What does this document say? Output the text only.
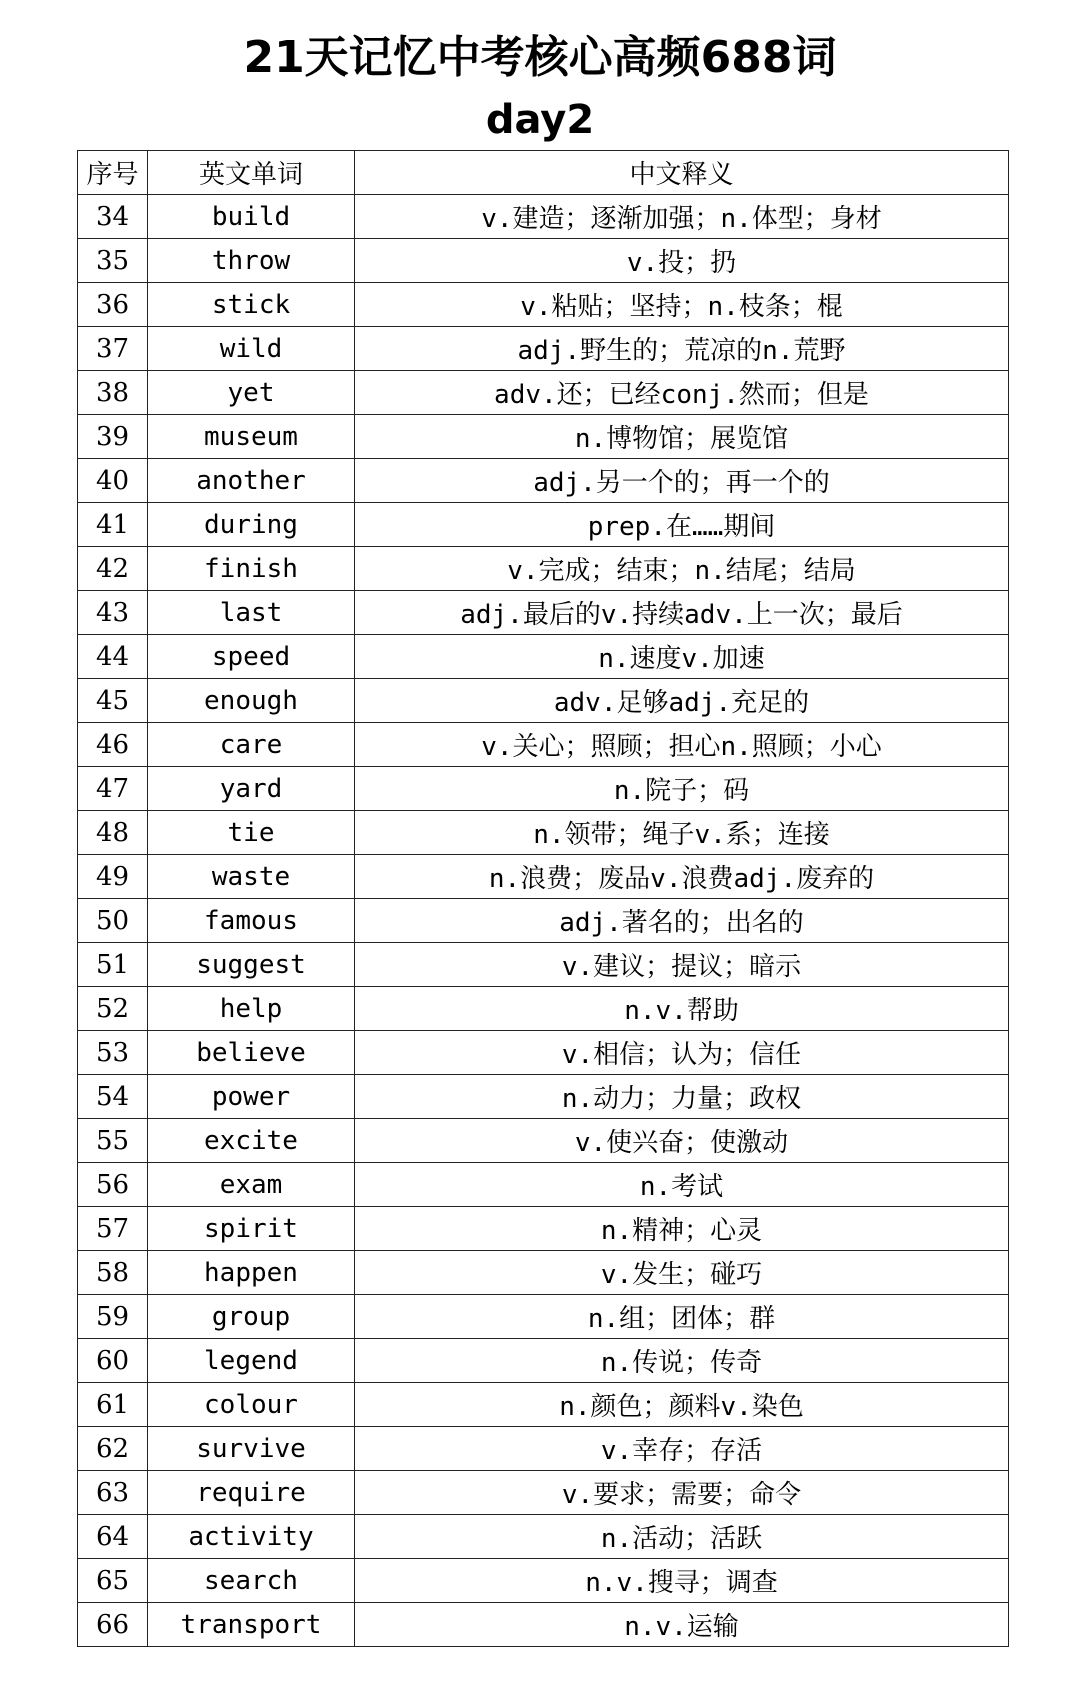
21天记忆中考核心高频688词
day2
序号	英文单词	中文释义
34	build	v.建造；逐渐加强；n.体型；身材
35	throw	v.投；扔
36	stick	v.粘贴；坚持；n.枝条；棍
37	wild	adj.野生的；荒凉的n.荒野
38	yet	adv.还；已经conj.然而；但是
39	museum	n.博物馆；展览馆
40	another	adj.另一个的；再一个的
41	during	prep.在……期间
42	finish	v.完成；结束；n.结尾；结局
43	last	adj.最后的v.持续adv.上一次；最后
44	speed	n.速度v.加速
45	enough	adv.足够adj.充足的
46	care	v.关心；照顾；担心n.照顾；小心
47	yard	n.院子；码
48	tie	n.领带；绳子v.系；连接
49	waste	n.浪费；废品v.浪费adj.废弃的
50	famous	adj.著名的；出名的
51	suggest	v.建议；提议；暗示
52	help	n.v.帮助
53	believe	v.相信；认为；信任
54	power	n.动力；力量；政权
55	excite	v.使兴奋；使激动
56	exam	n.考试
57	spirit	n.精神；心灵
58	happen	v.发生；碰巧
59	group	n.组；团体；群
60	legend	n.传说；传奇
61	colour	n.颜色；颜料v.染色
62	survive	v.幸存；存活
63	require	v.要求；需要；命令
64	activity	n.活动；活跃
65	search	n.v.搜寻；调查
66	transport	n.v.运输
